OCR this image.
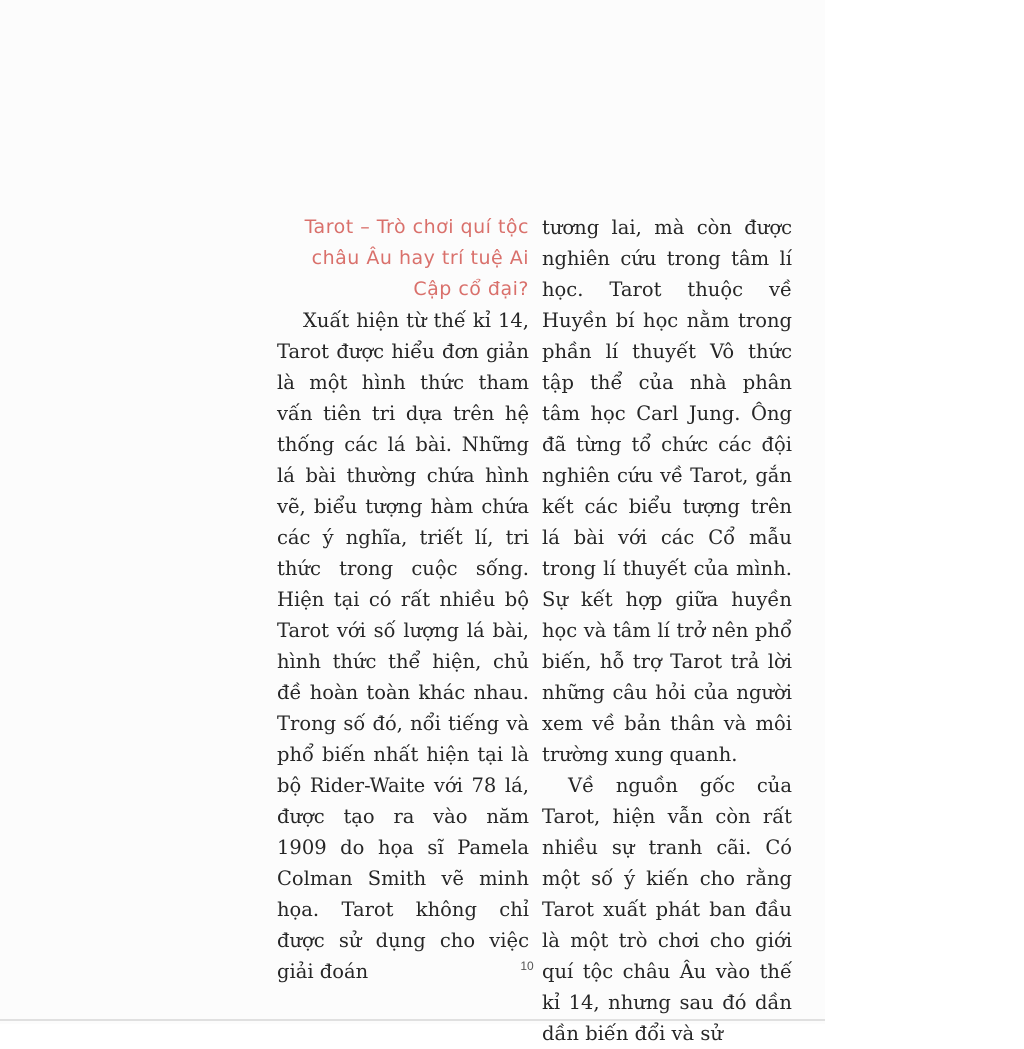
Tarot – Trò chơi quí tộc châu Âu hay trí tuệ Ai Cập cổ đại?

Xuất hiện từ thế kỉ 14, Tarot được hiểu đơn giản là một hình thức tham vấn tiên tri dựa trên hệ thống các lá bài. Những lá bài thường chứa hình vẽ, biểu tượng hàm chứa các ý nghĩa, triết lí, tri thức trong cuộc sống. Hiện tại có rất nhiều bộ Tarot với số lượng lá bài, hình thức thể hiện, chủ đề hoàn toàn khác nhau. Trong số đó, nổi tiếng và phổ biến nhất hiện tại là bộ Rider-Waite với 78 lá, được tạo ra vào năm 1909 do họa sĩ Pamela Colman Smith vẽ minh họa. Tarot không chỉ được sử dụng cho việc giải đoán

tương lai, mà còn được nghiên cứu trong tâm lí học. Tarot thuộc về Huyền bí học nằm trong phần lí thuyết Vô thức tập thể của nhà phân tâm học Carl Jung. Ông đã từng tổ chức các đội nghiên cứu về Tarot, gắn kết các biểu tượng trên lá bài với các Cổ mẫu trong lí thuyết của mình. Sự kết hợp giữa huyền học và tâm lí trở nên phổ biến, hỗ trợ Tarot trả lời những câu hỏi của người xem về bản thân và môi trường xung quanh.

Về nguồn gốc của Tarot, hiện vẫn còn rất nhiều sự tranh cãi. Có một số ý kiến cho rằng Tarot xuất phát ban đầu là một trò chơi cho giới quí tộc châu Âu vào thế kỉ 14, nhưng sau đó dần dần biến đổi và sử

10
